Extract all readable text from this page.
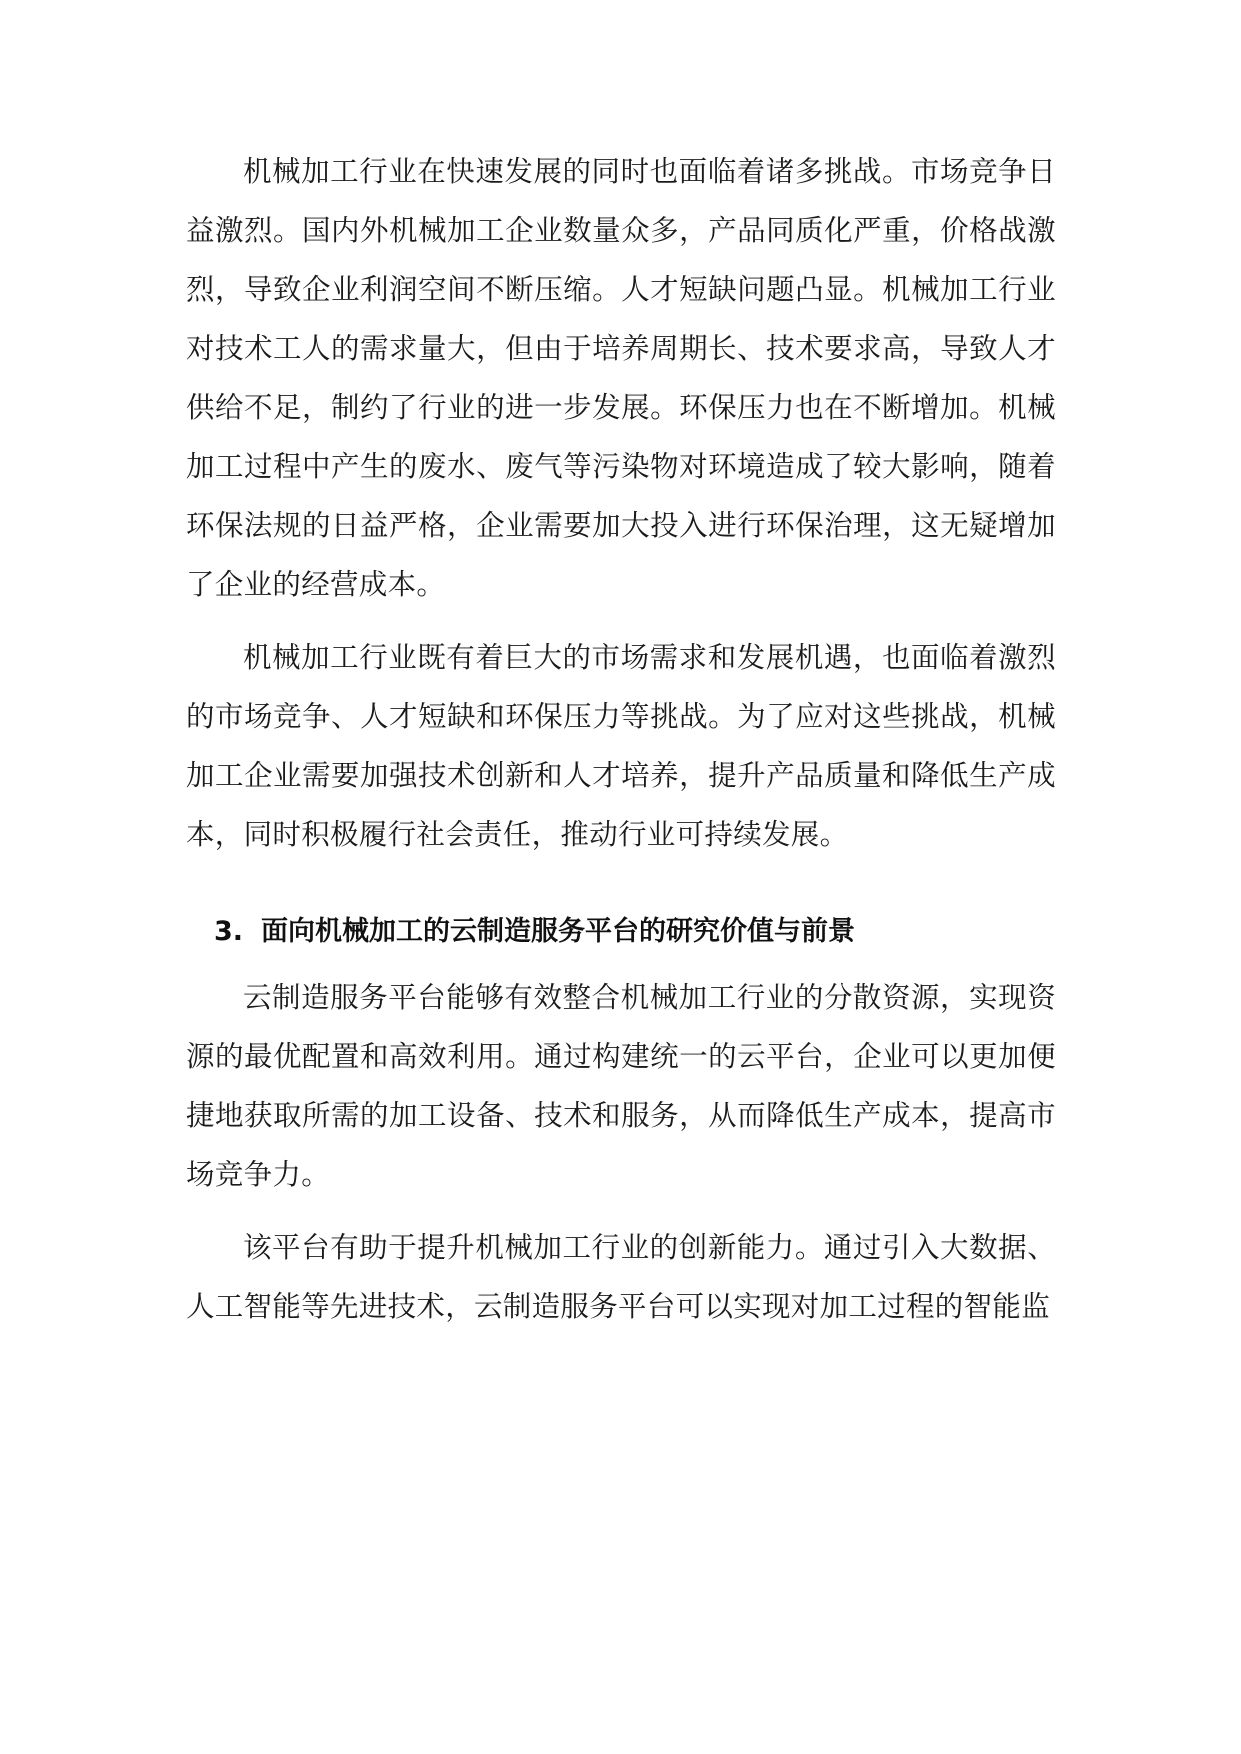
机械加工行业在快速发展的同时也面临着诸多挑战。市场竞争日益激烈。国内外机械加工企业数量众多，产品同质化严重，价格战激烈，导致企业利润空间不断压缩。人才短缺问题凸显。机械加工行业对技术工人的需求量大，但由于培养周期长、技术要求高，导致人才供给不足，制约了行业的进一步发展。环保压力也在不断增加。机械加工过程中产生的废水、废气等污染物对环境造成了较大影响，随着环保法规的日益严格，企业需要加大投入进行环保治理，这无疑增加了企业的经营成本。

机械加工行业既有着巨大的市场需求和发展机遇，也面临着激烈的市场竞争、人才短缺和环保压力等挑战。为了应对这些挑战，机械加工企业需要加强技术创新和人才培养，提升产品质量和降低生产成本，同时积极履行社会责任，推动行业可持续发展。

3. 面向机械加工的云制造服务平台的研究价值与前景

云制造服务平台能够有效整合机械加工行业的分散资源，实现资源的最优配置和高效利用。通过构建统一的云平台，企业可以更加便捷地获取所需的加工设备、技术和服务，从而降低生产成本，提高市场竞争力。

该平台有助于提升机械加工行业的创新能力。通过引入大数据、人工智能等先进技术，云制造服务平台可以实现对加工过程的智能监
